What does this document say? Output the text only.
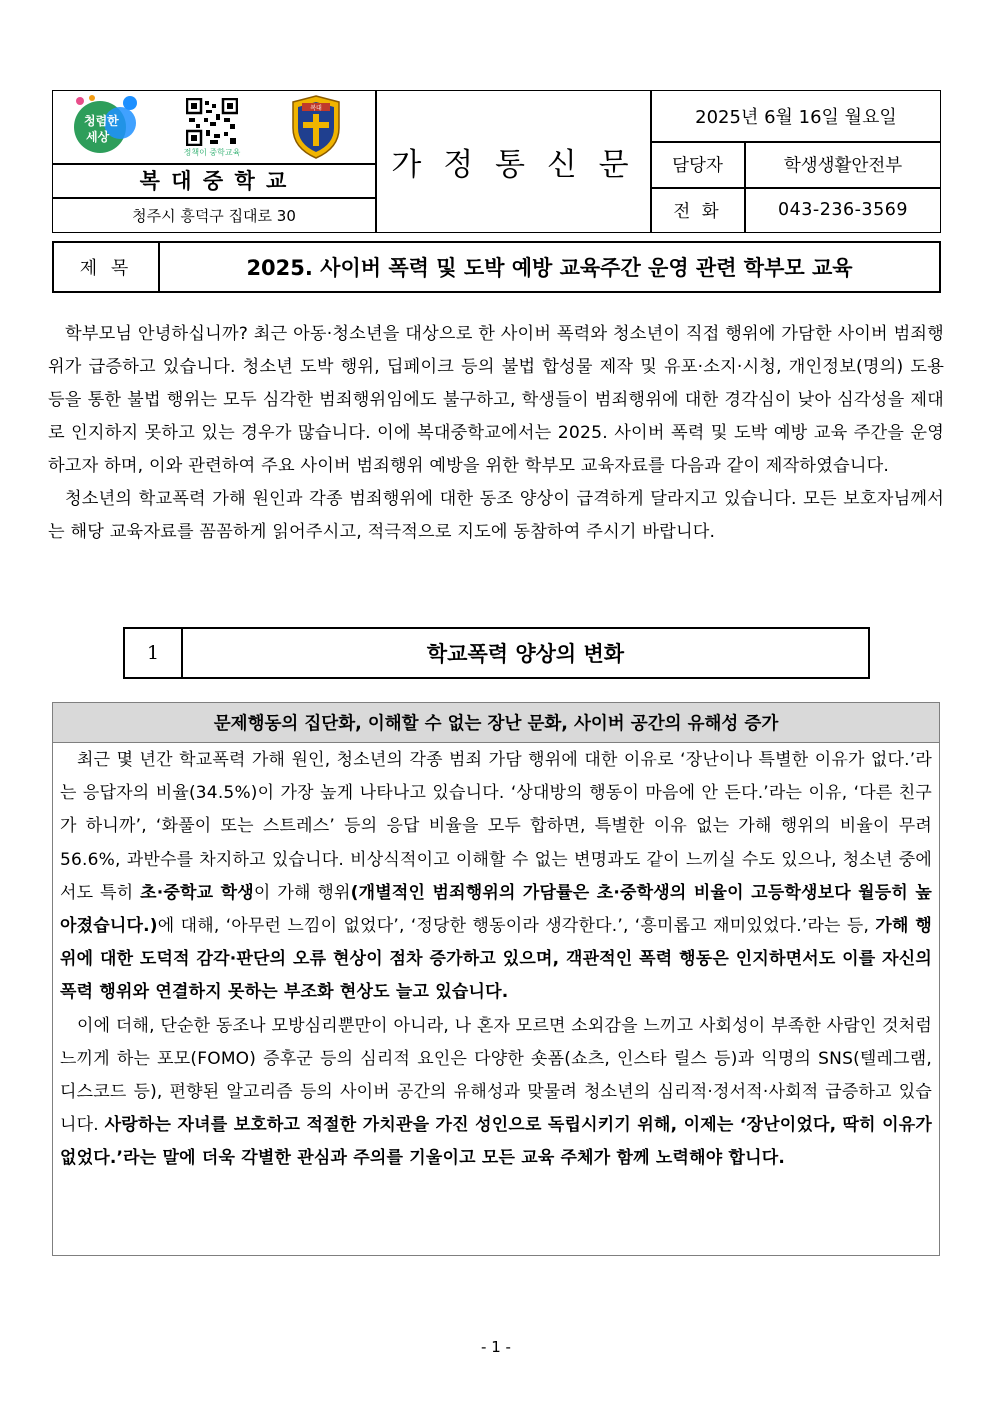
청렴한
세상
정책이 중학교육
복대
복 대 중 학 교
청주시 흥덕구 집대로 30
가 정 통 신 문
2025년 6월 16일 월요일
담당자	학생생활안전부
전 화	043-236-3569
제 목	2025. 사이버 폭력 및 도박 예방 교육주간 운영 관련 학부모 교육

학부모님 안녕하십니까? 최근 아동·청소년을 대상으로 한 사이버 폭력와 청소년이 직접 행위에 가담한 사이버 범죄행위가 급증하고 있습니다. 청소년 도박 행위, 딥페이크 등의 불법 합성물 제작 및 유포·소지·시청, 개인정보(명의) 도용 등을 통한 불법 행위는 모두 심각한 범죄행위임에도 불구하고, 학생들이 범죄행위에 대한 경각심이 낮아 심각성을 제대로 인지하지 못하고 있는 경우가 많습니다. 이에 복대중학교에서는 2025. 사이버 폭력 및 도박 예방 교육 주간을 운영하고자 하며, 이와 관련하여 주요 사이버 범죄행위 예방을 위한 학부모 교육자료를 다음과 같이 제작하였습니다.

청소년의 학교폭력 가해 원인과 각종 범죄행위에 대한 동조 양상이 급격하게 달라지고 있습니다. 모든 보호자님께서는 해당 교육자료를 꼼꼼하게 읽어주시고, 적극적으로 지도에 동참하여 주시기 바랍니다.

1	학교폭력 양상의 변화
문제행동의 집단화, 이해할 수 없는 장난 문화, 사이버 공간의 유해성 증가

최근 몇 년간 학교폭력 가해 원인, 청소년의 각종 범죄 가담 행위에 대한 이유로 ‘장난이나 특별한 이유가 없다.’라는 응답자의 비율(34.5%)이 가장 높게 나타나고 있습니다. ‘상대방의 행동이 마음에 안 든다.’라는 이유, ‘다른 친구가 하니까’, ‘화풀이 또는 스트레스’ 등의 응답 비율을 모두 합하면, 특별한 이유 없는 가해 행위의 비율이 무려 56.6%, 과반수를 차지하고 있습니다. 비상식적이고 이해할 수 없는 변명과도 같이 느끼실 수도 있으나, 청소년 중에서도 특히 초·중학교 학생이 가해 행위(개별적인 범죄행위의 가담률은 초·중학생의 비율이 고등학생보다 월등히 높아졌습니다.)에 대해, ‘아무런 느낌이 없었다’, ‘정당한 행동이라 생각한다.’, ‘흥미롭고 재미있었다.’라는 등, 가해 행위에 대한 도덕적 감각·판단의 오류 현상이 점차 증가하고 있으며, 객관적인 폭력 행동은 인지하면서도 이를 자신의 폭력 행위와 연결하지 못하는 부조화 현상도 늘고 있습니다.

이에 더해, 단순한 동조나 모방심리뿐만이 아니라, 나 혼자 모르면 소외감을 느끼고 사회성이 부족한 사람인 것처럼 느끼게 하는 포모(FOMO) 증후군 등의 심리적 요인은 다양한 숏폼(쇼츠, 인스타 릴스 등)과 익명의 SNS(텔레그램, 디스코드 등), 편향된 알고리즘 등의 사이버 공간의 유해성과 맞물려 청소년의 심리적·정서적·사회적 급증하고 있습니다. 사랑하는 자녀를 보호하고 적절한 가치관을 가진 성인으로 독립시키기 위해, 이제는 ‘장난이었다, 딱히 이유가 없었다.’라는 말에 더욱 각별한 관심과 주의를 기울이고 모든 교육 주체가 함께 노력해야 합니다.

- 1 -
